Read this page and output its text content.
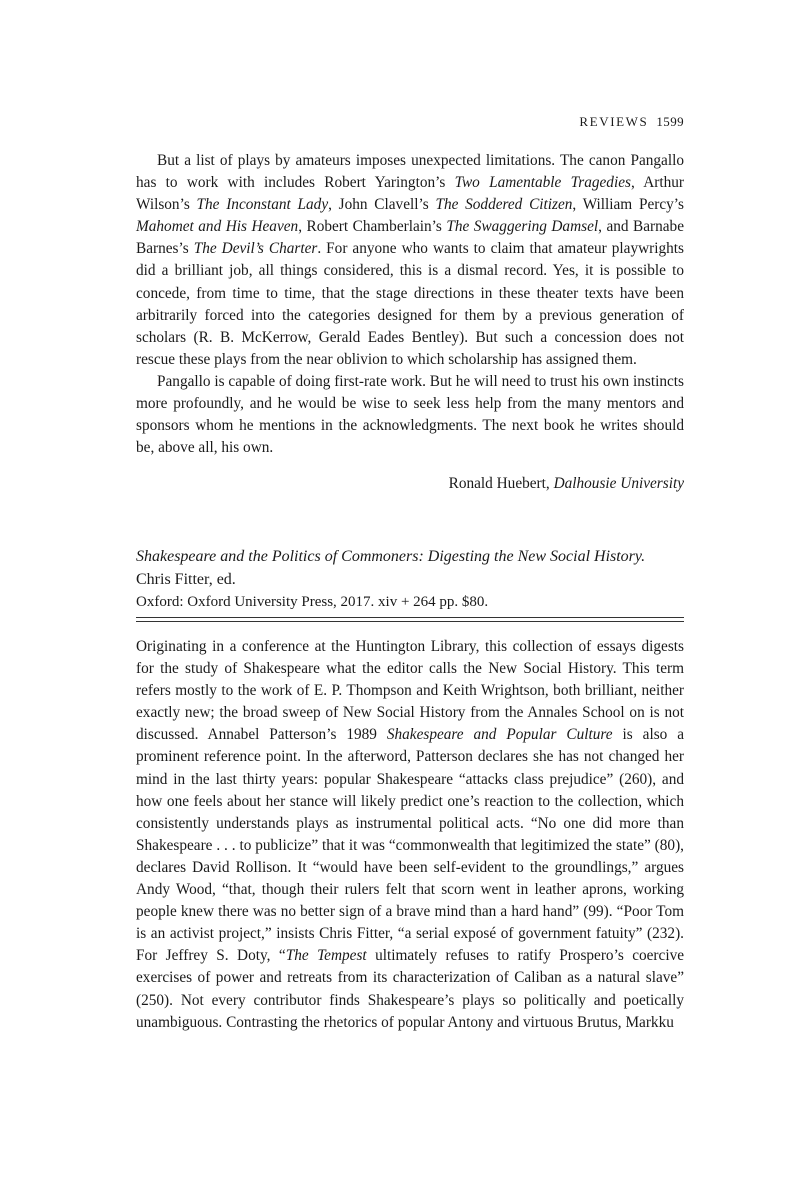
REVIEWS 1599

But a list of plays by amateurs imposes unexpected limitations. The canon Pangallo has to work with includes Robert Yarington’s Two Lamentable Tragedies, Arthur Wilson’s The Inconstant Lady, John Clavell’s The Soddered Citizen, William Percy’s Mahomet and His Heaven, Robert Chamberlain’s The Swaggering Damsel, and Barnabe Barnes’s The Devil’s Charter. For anyone who wants to claim that amateur playwrights did a brilliant job, all things considered, this is a dismal record. Yes, it is possible to concede, from time to time, that the stage directions in these theater texts have been arbitrarily forced into the categories designed for them by a previous generation of scholars (R. B. McKerrow, Gerald Eades Bentley). But such a concession does not rescue these plays from the near oblivion to which scholarship has assigned them.

Pangallo is capable of doing first-rate work. But he will need to trust his own instincts more profoundly, and he would be wise to seek less help from the many mentors and sponsors whom he mentions in the acknowledgments. The next book he writes should be, above all, his own.

Ronald Huebert, Dalhousie University
Shakespeare and the Politics of Commoners: Digesting the New Social History.
Chris Fitter, ed.
Oxford: Oxford University Press, 2017. xiv + 264 pp. $80.

Originating in a conference at the Huntington Library, this collection of essays digests for the study of Shakespeare what the editor calls the New Social History. This term refers mostly to the work of E. P. Thompson and Keith Wrightson, both brilliant, neither exactly new; the broad sweep of New Social History from the Annales School on is not discussed. Annabel Patterson’s 1989 Shakespeare and Popular Culture is also a prominent reference point. In the afterword, Patterson declares she has not changed her mind in the last thirty years: popular Shakespeare “attacks class prejudice” (260), and how one feels about her stance will likely predict one’s reaction to the collection, which consistently understands plays as instrumental political acts. “No one did more than Shakespeare . . . to publicize” that it was “commonwealth that legitimized the state” (80), declares David Rollison. It “would have been self-evident to the groundlings,” argues Andy Wood, “that, though their rulers felt that scorn went in leather aprons, working people knew there was no better sign of a brave mind than a hard hand” (99). “Poor Tom is an activist project,” insists Chris Fitter, “a serial exposé of government fatuity” (232). For Jeffrey S. Doty, “The Tempest ultimately refuses to ratify Prospero’s coercive exercises of power and retreats from its characterization of Caliban as a natural slave” (250). Not every contributor finds Shakespeare’s plays so politically and poetically unambiguous. Contrasting the rhetorics of popular Antony and virtuous Brutus, Markku
